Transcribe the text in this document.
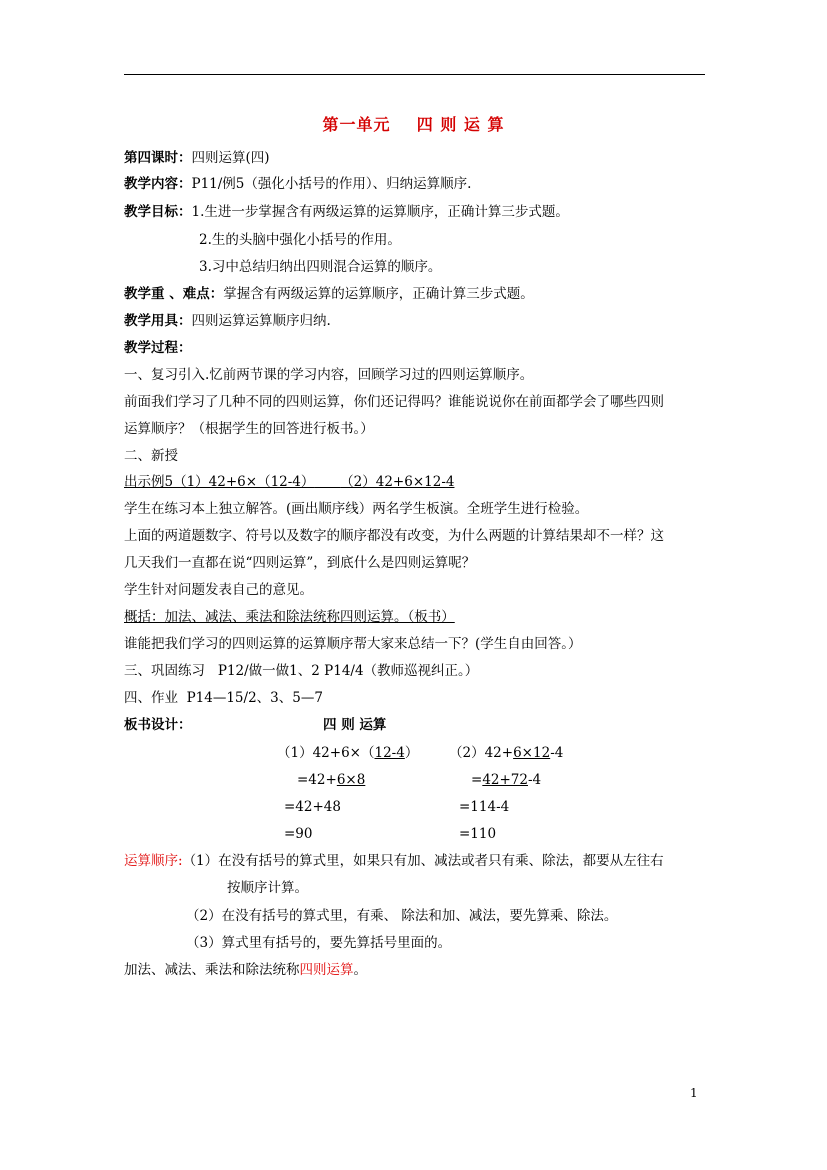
第一单元    四 则 运 算
第四课时：四则运算(四)
教学内容：P11/例5（强化小括号的作用）、归纳运算顺序.
教学目标：1.生进一步掌握含有两级运算的运算顺序，正确计算三步式题。
2.生的头脑中强化小括号的作用。
3.习中总结归纳出四则混合运算的顺序。
教学重 、难点：掌握含有两级运算的运算顺序，正确计算三步式题。
教学用具：四则运算运算顺序归纳.
教学过程：
一、复习引入.忆前两节课的学习内容，回顾学习过的四则运算顺序。
前面我们学习了几种不同的四则运算，你们还记得吗？谁能说说你在前面都学会了哪些四则
运算顺序？（根据学生的回答进行板书。）
二、新授
出示例5（1）42+6×（12-4） （2）42+6×12-4
学生在练习本上独立解答。(画出顺序线）两名学生板演。全班学生进行检验。
上面的两道题数字、符号以及数字的顺序都没有改变，为什么两题的计算结果却不一样？这
几天我们一直都在说“四则运算”，到底什么是四则运算呢？
学生针对问题发表自己的意见。
概括：加法、减法、乘法和除法统称四则运算。（板书）
谁能把我们学习的四则运算的运算顺序帮大家来总结一下？(学生自由回答。）
三、巩固练习   P12/做一做1、2 P14/4（教师巡视纠正。）
四、作业  P14—15/2、3、5—7
板书设计：	四 则 运算
（1）42+6×（12-4）
=42+6×8
=42+48
=90
（2）42+6×12-4
=42+72-4
=114-4
=110
运算顺序:（1）在没有括号的算式里，如果只有加、减法或者只有乘、除法，都要从左往右
按顺序计算。
（2）在没有括号的算式里，有乘、 除法和加、减法，要先算乘、除法。
（3）算式里有括号的，要先算括号里面的。
加法、减法、乘法和除法统称四则运算。
1
